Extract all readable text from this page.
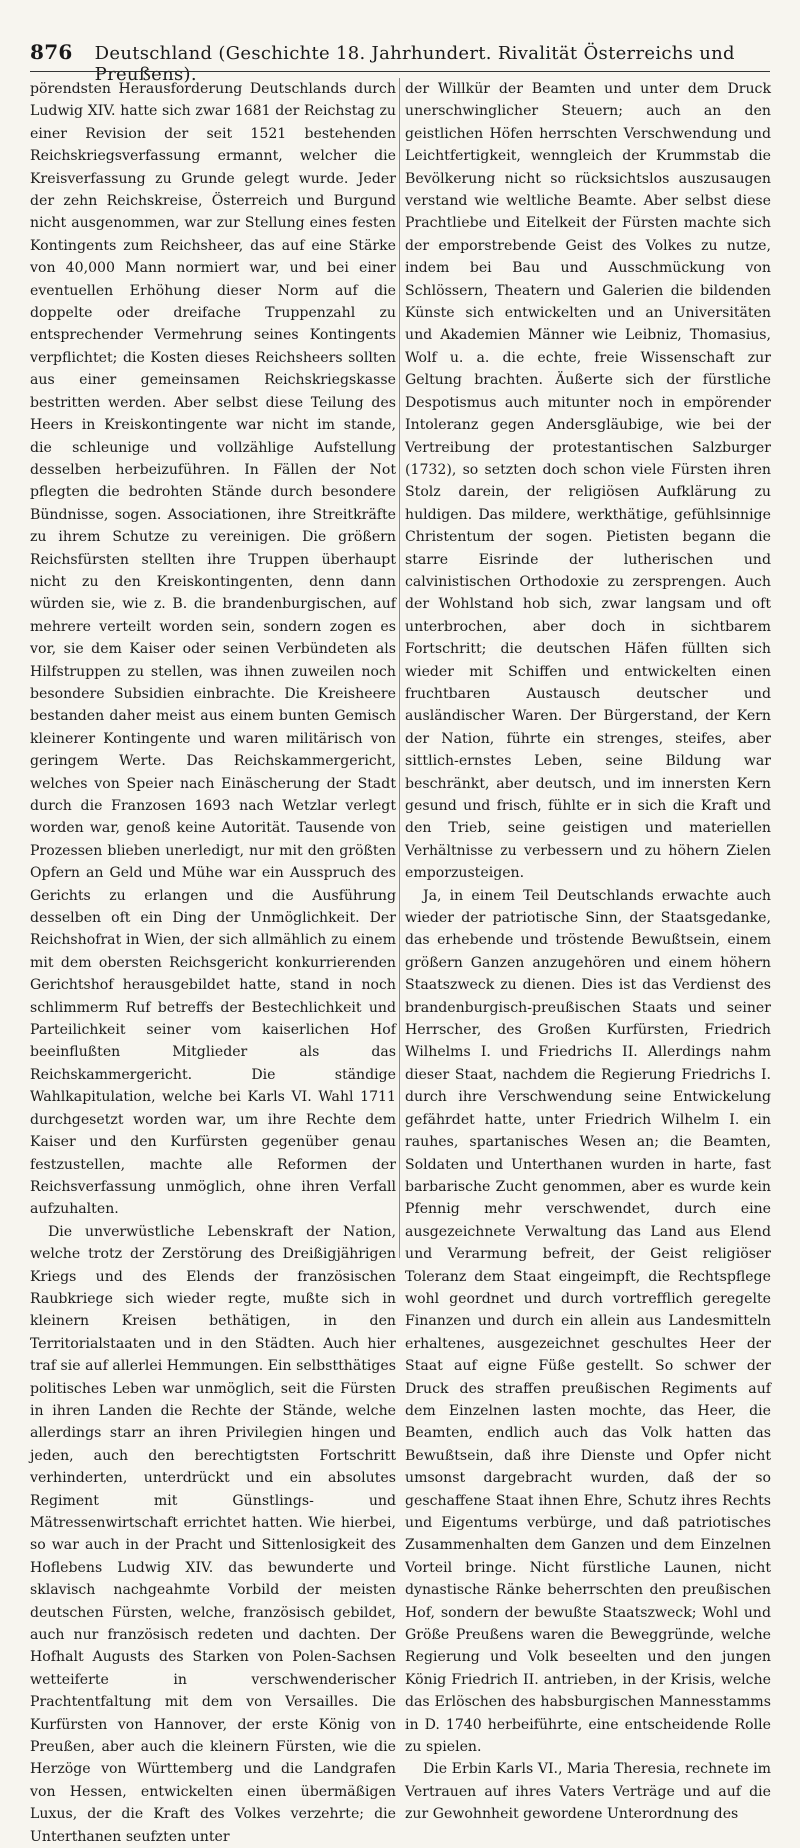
876 Deutschland (Geschichte 18. Jahrhundert. Rivalität Österreichs und Preußens).

pörendsten Herausforderung Deutschlands durch Ludwig XIV. hatte sich zwar 1681 der Reichstag zu einer Revision der seit 1521 bestehenden Reichskriegsverfassung ermannt, welcher die Kreisverfassung zu Grunde gelegt wurde. Jeder der zehn Reichskreise, Österreich und Burgund nicht ausgenommen, war zur Stellung eines festen Kontingents zum Reichsheer, das auf eine Stärke von 40,000 Mann normiert war, und bei einer eventuellen Erhöhung dieser Norm auf die doppelte oder dreifache Truppenzahl zu entsprechender Vermehrung seines Kontingents verpflichtet; die Kosten dieses Reichsheers sollten aus einer gemeinsamen Reichskriegskasse bestritten werden. Aber selbst diese Teilung des Heers in Kreiskontingente war nicht im stande, die schleunige und vollzählige Aufstellung desselben herbeizuführen. In Fällen der Not pflegten die bedrohten Stände durch besondere Bündnisse, sogen. Associationen, ihre Streitkräfte zu ihrem Schutze zu vereinigen. Die größern Reichsfürsten stellten ihre Truppen überhaupt nicht zu den Kreiskontingenten, denn dann würden sie, wie z. B. die brandenburgischen, auf mehrere verteilt worden sein, sondern zogen es vor, sie dem Kaiser oder seinen Verbündeten als Hilfstruppen zu stellen, was ihnen zuweilen noch besondere Subsidien einbrachte. Die Kreisheere bestanden daher meist aus einem bunten Gemisch kleinerer Kontingente und waren militärisch von geringem Werte. Das Reichskammergericht, welches von Speier nach Einäscherung der Stadt durch die Franzosen 1693 nach Wetzlar verlegt worden war, genoß keine Autorität. Tausende von Prozessen blieben unerledigt, nur mit den größten Opfern an Geld und Mühe war ein Ausspruch des Gerichts zu erlangen und die Ausführung desselben oft ein Ding der Unmöglichkeit. Der Reichshofrat in Wien, der sich allmählich zu einem mit dem obersten Reichsgericht konkurrierenden Gerichtshof herausgebildet hatte, stand in noch schlimmerm Ruf betreffs der Bestechlichkeit und Parteilichkeit seiner vom kaiserlichen Hof beeinflußten Mitglieder als das Reichskammergericht. Die ständige Wahlkapitulation, welche bei Karls VI. Wahl 1711 durchgesetzt worden war, um ihre Rechte dem Kaiser und den Kurfürsten gegenüber genau festzustellen, machte alle Reformen der Reichsverfassung unmöglich, ohne ihren Verfall aufzuhalten.

Die unverwüstliche Lebenskraft der Nation, welche trotz der Zerstörung des Dreißigjährigen Kriegs und des Elends der französischen Raubkriege sich wieder regte, mußte sich in kleinern Kreisen bethätigen, in den Territorialstaaten und in den Städten. Auch hier traf sie auf allerlei Hemmungen. Ein selbstthätiges politisches Leben war unmöglich, seit die Fürsten in ihren Landen die Rechte der Stände, welche allerdings starr an ihren Privilegien hingen und jeden, auch den berechtigtsten Fortschritt verhinderten, unterdrückt und ein absolutes Regiment mit Günstlings- und Mätressenwirtschaft errichtet hatten. Wie hierbei, so war auch in der Pracht und Sittenlosigkeit des Hoflebens Ludwig XIV. das bewunderte und sklavisch nachgeahmte Vorbild der meisten deutschen Fürsten, welche, französisch gebildet, auch nur französisch redeten und dachten. Der Hofhalt Augusts des Starken von Polen-Sachsen wetteiferte in verschwenderischer Prachtentfaltung mit dem von Versailles. Die Kurfürsten von Hannover, der erste König von Preußen, aber auch die kleinern Fürsten, wie die Herzöge von Württemberg und die Landgrafen von Hessen, entwickelten einen übermäßigen Luxus, der die Kraft des Volkes verzehrte; die Unterthanen seufzten unter

der Willkür der Beamten und unter dem Druck unerschwinglicher Steuern; auch an den geistlichen Höfen herrschten Verschwendung und Leichtfertigkeit, wenngleich der Krummstab die Bevölkerung nicht so rücksichtslos auszusaugen verstand wie weltliche Beamte. Aber selbst diese Prachtliebe und Eitelkeit der Fürsten machte sich der emporstrebende Geist des Volkes zu nutze, indem bei Bau und Ausschmückung von Schlössern, Theatern und Galerien die bildenden Künste sich entwickelten und an Universitäten und Akademien Männer wie Leibniz, Thomasius, Wolf u. a. die echte, freie Wissenschaft zur Geltung brachten. Äußerte sich der fürstliche Despotismus auch mitunter noch in empörender Intoleranz gegen Andersgläubige, wie bei der Vertreibung der protestantischen Salzburger (1732), so setzten doch schon viele Fürsten ihren Stolz darein, der religiösen Aufklärung zu huldigen. Das mildere, werkthätige, gefühlsinnige Christentum der sogen. Pietisten begann die starre Eisrinde der lutherischen und calvinistischen Orthodoxie zu zersprengen. Auch der Wohlstand hob sich, zwar langsam und oft unterbrochen, aber doch in sichtbarem Fortschritt; die deutschen Häfen füllten sich wieder mit Schiffen und entwickelten einen fruchtbaren Austausch deutscher und ausländischer Waren. Der Bürgerstand, der Kern der Nation, führte ein strenges, steifes, aber sittlich-ernstes Leben, seine Bildung war beschränkt, aber deutsch, und im innersten Kern gesund und frisch, fühlte er in sich die Kraft und den Trieb, seine geistigen und materiellen Verhältnisse zu verbessern und zu höhern Zielen emporzusteigen.

Ja, in einem Teil Deutschlands erwachte auch wieder der patriotische Sinn, der Staatsgedanke, das erhebende und tröstende Bewußtsein, einem größern Ganzen anzugehören und einem höhern Staatszweck zu dienen. Dies ist das Verdienst des brandenburgisch-preußischen Staats und seiner Herrscher, des Großen Kurfürsten, Friedrich Wilhelms I. und Friedrichs II. Allerdings nahm dieser Staat, nachdem die Regierung Friedrichs I. durch ihre Verschwendung seine Entwickelung gefährdet hatte, unter Friedrich Wilhelm I. ein rauhes, spartanisches Wesen an; die Beamten, Soldaten und Unterthanen wurden in harte, fast barbarische Zucht genommen, aber es wurde kein Pfennig mehr verschwendet, durch eine ausgezeichnete Verwaltung das Land aus Elend und Verarmung befreit, der Geist religiöser Toleranz dem Staat eingeimpft, die Rechtspflege wohl geordnet und durch vortrefflich geregelte Finanzen und durch ein allein aus Landesmitteln erhaltenes, ausgezeichnet geschultes Heer der Staat auf eigne Füße gestellt. So schwer der Druck des straffen preußischen Regiments auf dem Einzelnen lasten mochte, das Heer, die Beamten, endlich auch das Volk hatten das Bewußtsein, daß ihre Dienste und Opfer nicht umsonst dargebracht wurden, daß der so geschaffene Staat ihnen Ehre, Schutz ihres Rechts und Eigentums verbürge, und daß patriotisches Zusammenhalten dem Ganzen und dem Einzelnen Vorteil bringe. Nicht fürstliche Launen, nicht dynastische Ränke beherrschten den preußischen Hof, sondern der bewußte Staatszweck; Wohl und Größe Preußens waren die Beweggründe, welche Regierung und Volk beseelten und den jungen König Friedrich II. antrieben, in der Krisis, welche das Erlöschen des habsburgischen Mannesstamms in D. 1740 herbeiführte, eine entscheidende Rolle zu spielen.

Die Erbin Karls VI., Maria Theresia, rechnete im Vertrauen auf ihres Vaters Verträge und auf die zur Gewohnheit gewordene Unterordnung des
